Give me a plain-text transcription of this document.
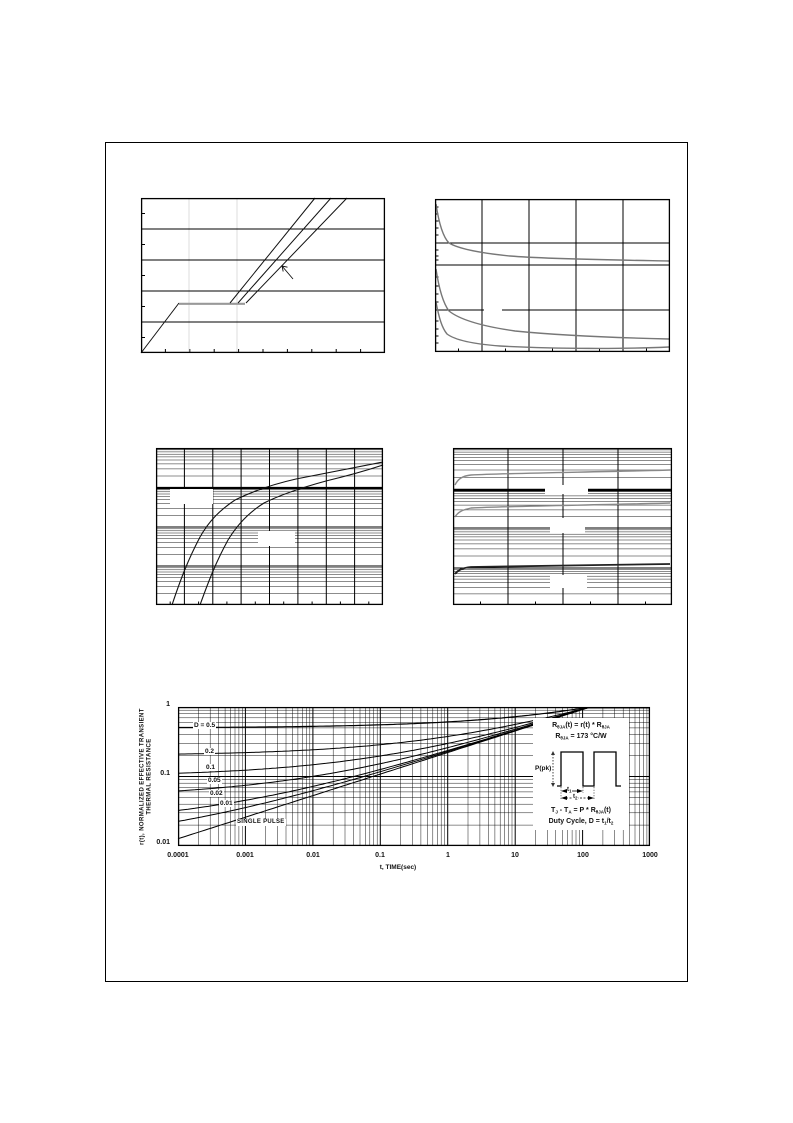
1
0.1
0.01
0.0001	0.001	0.01	0.1	1	10	100	1000
t, TIME(sec)
r(t), NORMALIZED EFFECTIVE TRANSIENT THERMAL RESISTANCE
D = 0.5
0.2
0.1
0.05
0.02
0.01
SINGLE PULSE
$R_{\theta JA}(t) = r(t) * R_{\theta JA}$
$R_{\theta JA} = 173$ °C/W
P(pk)
$t_1$
$t_2$
$T_J - T_A = P * R_{\theta JA}(t)$
Duty Cycle, $D = t_1/t_2$
